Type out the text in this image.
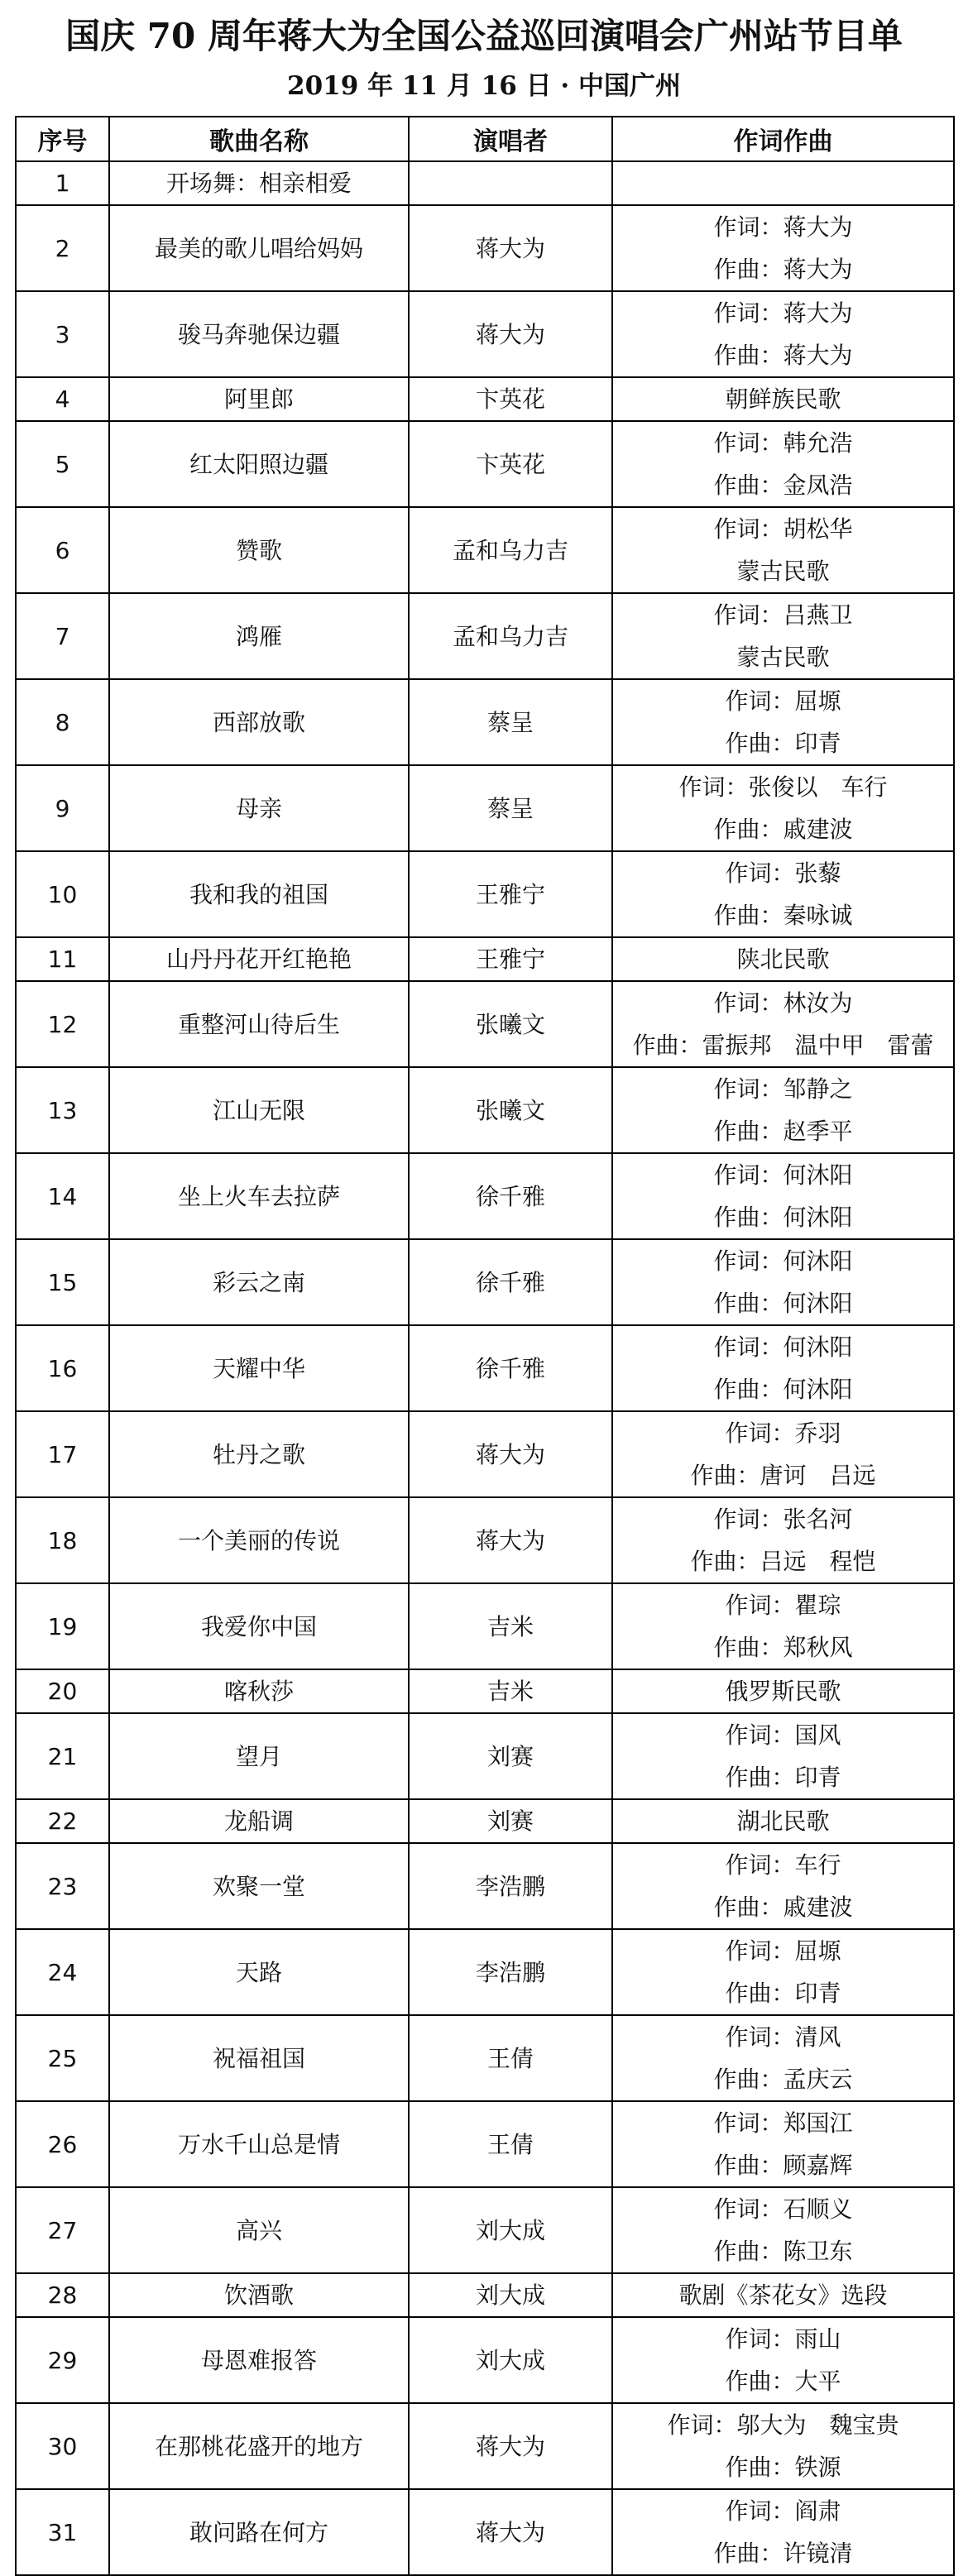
国庆 70 周年蒋大为全国公益巡回演唱会广州站节目单
2019 年 11 月 16 日 · 中国广州
序号	歌曲名称	演唱者	作词作曲
1	开场舞：相亲相爱		
2	最美的歌儿唱给妈妈	蒋大为	作词：蒋大为
作曲：蒋大为

3	骏马奔驰保边疆	蒋大为	作词：蒋大为
作曲：蒋大为

4	阿里郎	卞英花	朝鲜族民歌

5	红太阳照边疆	卞英花	作词：韩允浩
作曲：金凤浩

6	赞歌	孟和乌力吉	作词：胡松华
蒙古民歌

7	鸿雁	孟和乌力吉	作词：吕燕卫
蒙古民歌

8	西部放歌	蔡呈	作词：屈塬
作曲：印青

9	母亲	蔡呈	作词：张俊以　车行
作曲：戚建波

10	我和我的祖国	王雅宁	作词：张藜
作曲：秦咏诚

11	山丹丹花开红艳艳	王雅宁	陕北民歌

12	重整河山待后生	张曦文	作词：林汝为
作曲：雷振邦　温中甲　雷蕾

13	江山无限	张曦文	作词：邹静之
作曲：赵季平

14	坐上火车去拉萨	徐千雅	作词：何沐阳
作曲：何沐阳

15	彩云之南	徐千雅	作词：何沐阳
作曲：何沐阳

16	天耀中华	徐千雅	作词：何沐阳
作曲：何沐阳

17	牡丹之歌	蒋大为	作词：乔羽
作曲：唐诃　吕远

18	一个美丽的传说	蒋大为	作词：张名河
作曲：吕远　程恺

19	我爱你中国	吉米	作词：瞿琮
作曲：郑秋风

20	喀秋莎	吉米	俄罗斯民歌

21	望月	刘赛	作词：国风
作曲：印青

22	龙船调	刘赛	湖北民歌

23	欢聚一堂	李浩鹏	作词：车行
作曲：戚建波

24	天路	李浩鹏	作词：屈塬
作曲：印青

25	祝福祖国	王倩	作词：清风
作曲：孟庆云

26	万水千山总是情	王倩	作词：郑国江
作曲：顾嘉辉

27	高兴	刘大成	作词：石顺义
作曲：陈卫东

28	饮酒歌	刘大成	歌剧《茶花女》选段

29	母恩难报答	刘大成	作词：雨山
作曲：大平

30	在那桃花盛开的地方	蒋大为	作词：邬大为　魏宝贵
作曲：铁源

31	敢问路在何方	蒋大为	作词：阎肃
作曲：许镜清
